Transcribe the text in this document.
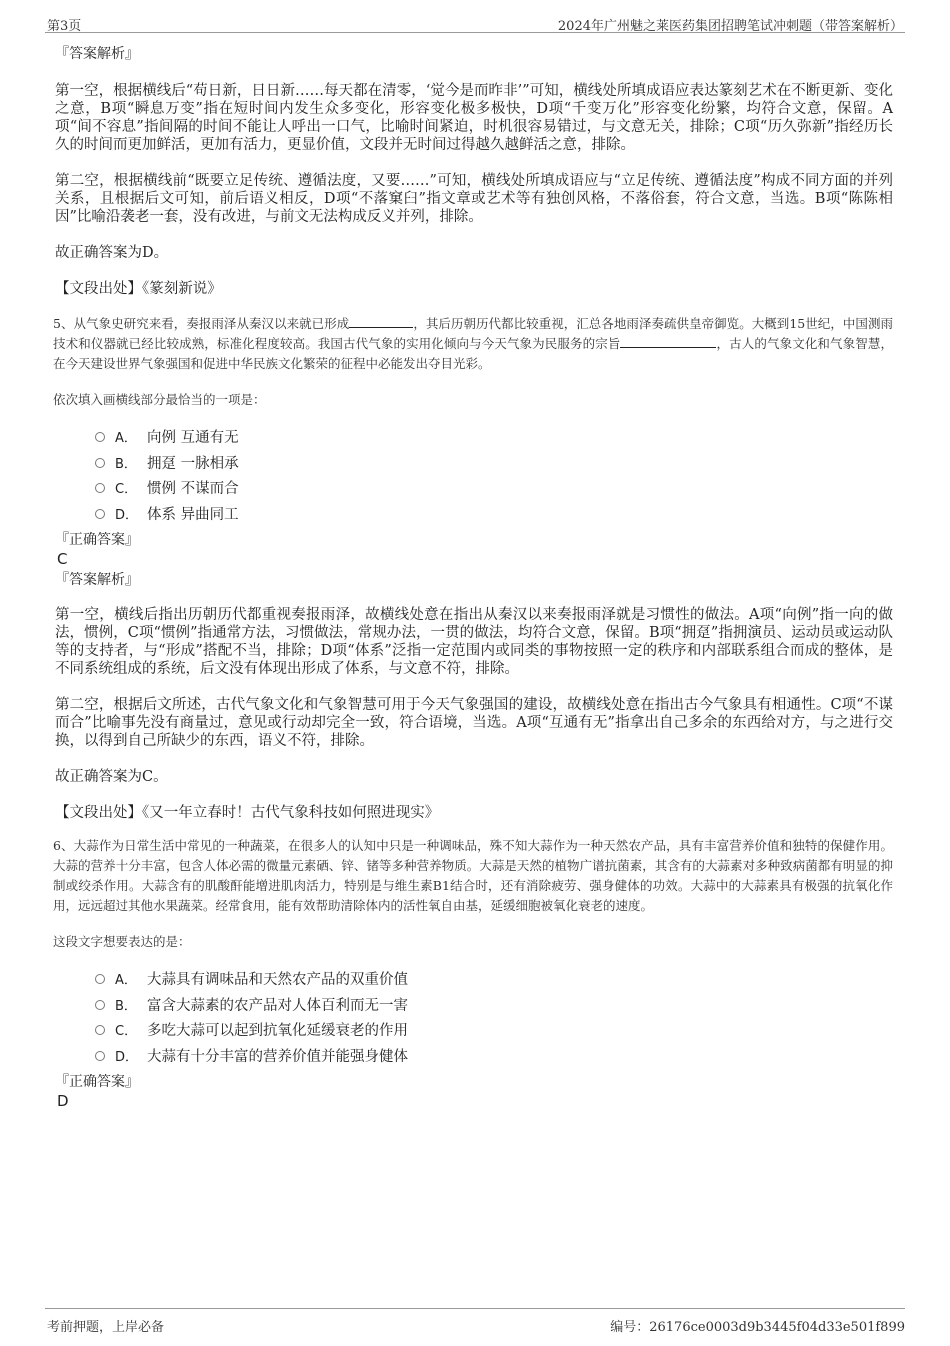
第3页	2024年广州魅之莱医药集团招聘笔试冲刺题（带答案解析）
『答案解析』
第一空，根据横线后“苟日新，日日新……每天都在清零，‘觉今是而昨非’”可知，横线处所填成语应表达篆刻艺术在不断更新、变化之意，B项“瞬息万变”指在短时间内发生众多变化，形容变化极多极快，D项“千变万化”形容变化纷繁，均符合文意，保留。A项“间不容息”指间隔的时间不能让人呼出一口气，比喻时间紧迫，时机很容易错过，与文意无关，排除；C项“历久弥新”指经历长久的时间而更加鲜活，更加有活力，更显价值，文段并无时间过得越久越鲜活之意，排除。
第二空，根据横线前“既要立足传统、遵循法度，又要……”可知，横线处所填成语应与“立足传统、遵循法度”构成不同方面的并列关系，且根据后文可知，前后语义相反，D项“不落窠臼”指文章或艺术等有独创风格，不落俗套，符合文意，当选。B项“陈陈相因”比喻沿袭老一套，没有改进，与前文无法构成反义并列，排除。
故正确答案为D。
【文段出处】《篆刻新说》
5、从气象史研究来看，奏报雨泽从秦汉以来就已形成	，其后历朝历代都比较重视，汇总各地雨泽奏疏供皇帝御览。大概到15世纪，中国测雨技术和仪器就已经比较成熟，标准化程度较高。我国古代气象的实用化倾向与今天气象为民服务的宗旨	，古人的气象文化和气象智慧，在今天建设世界气象强国和促进中华民族文化繁荣的征程中必能发出夺目光彩。
依次填入画横线部分最恰当的一项是：
A． 向例 互通有无
B． 拥趸 一脉相承
C． 惯例 不谋而合
D． 体系 异曲同工
『正确答案』
C
『答案解析』
第一空，横线后指出历朝历代都重视奏报雨泽，故横线处意在指出从秦汉以来奏报雨泽就是习惯性的做法。A项“向例”指一向的做法，惯例，C项“惯例”指通常方法，习惯做法，常规办法，一贯的做法，均符合文意，保留。B项“拥趸”指拥演员、运动员或运动队等的支持者，与“形成”搭配不当，排除；D项“体系”泛指一定范围内或同类的事物按照一定的秩序和内部联系组合而成的整体，是不同系统组成的系统，后文没有体现出形成了体系，与文意不符，排除。
第二空，根据后文所述，古代气象文化和气象智慧可用于今天气象强国的建设，故横线处意在指出古今气象具有相通性。C项“不谋而合”比喻事先没有商量过，意见或行动却完全一致，符合语境，当选。A项“互通有无”指拿出自己多余的东西给对方，与之进行交换，以得到自己所缺少的东西，语义不符，排除。
故正确答案为C。
【文段出处】《又一年立春时！古代气象科技如何照进现实》
6、大蒜作为日常生活中常见的一种蔬菜，在很多人的认知中只是一种调味品，殊不知大蒜作为一种天然农产品，具有丰富营养价值和独特的保健作用。大蒜的营养十分丰富，包含人体必需的微量元素硒、锌、锗等多种营养物质。大蒜是天然的植物广谱抗菌素，其含有的大蒜素对多种致病菌都有明显的抑制或绞杀作用。大蒜含有的肌酸酐能增进肌肉活力，特别是与维生素B1结合时，还有消除疲劳、强身健体的功效。大蒜中的大蒜素具有极强的抗氧化作用，远远超过其他水果蔬菜。经常食用，能有效帮助清除体内的活性氧自由基，延缓细胞被氧化衰老的速度。
这段文字想要表达的是：
A． 大蒜具有调味品和天然农产品的双重价值
B． 富含大蒜素的农产品对人体百利而无一害
C． 多吃大蒜可以起到抗氧化延缓衰老的作用
D． 大蒜有十分丰富的营养价值并能强身健体
『正确答案』
D
考前押题，上岸必备	编号：26176ce0003d9b3445f04d33e501f899
